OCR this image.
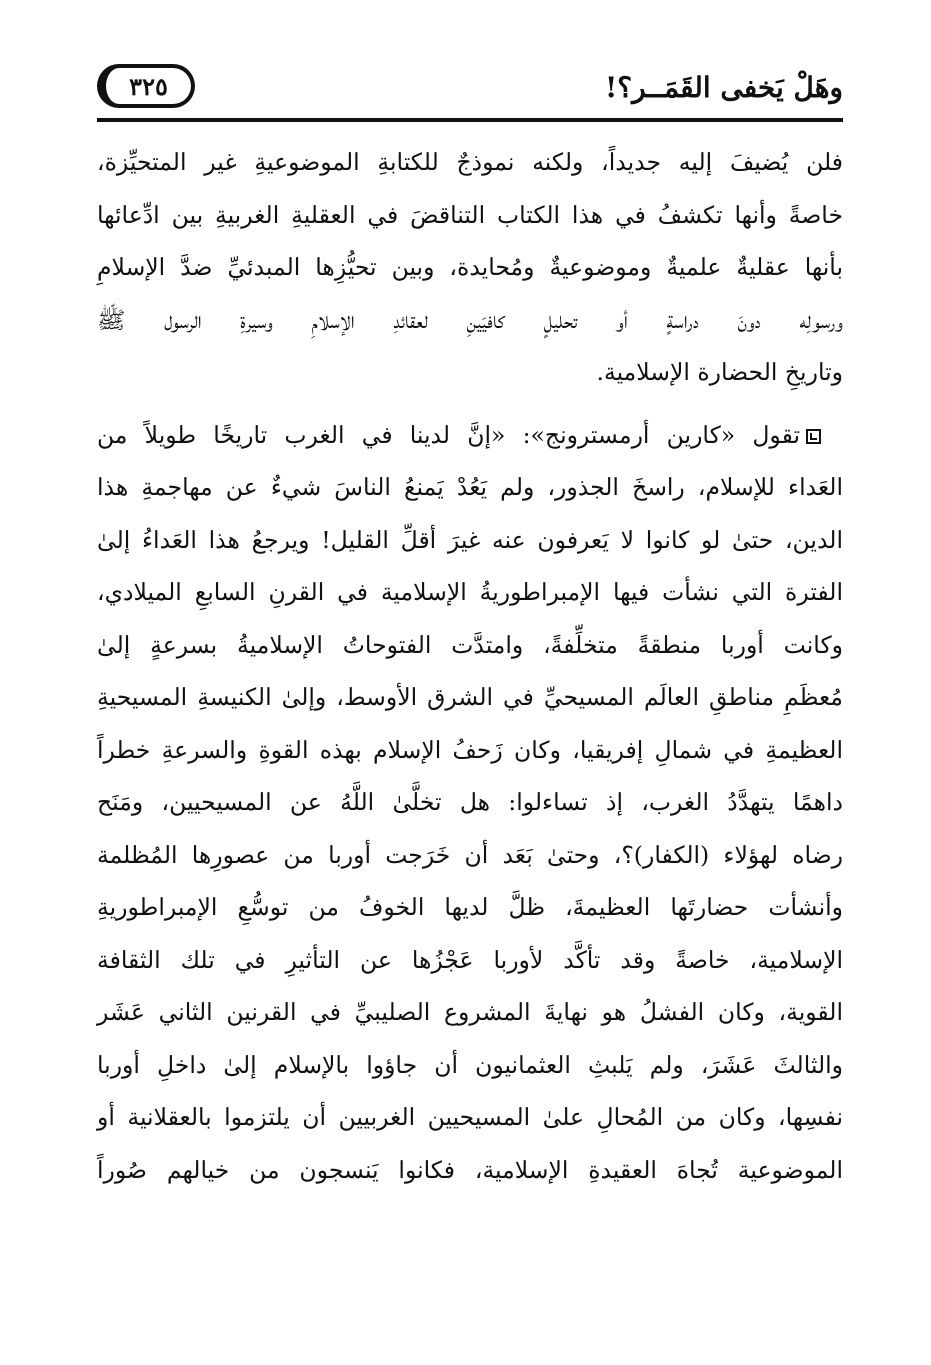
وهَلْ يَخفى القَمَــر؟!
٣٢٥
فلن يُضيفَ إليه جديداً، ولكنه نموذجٌ للكتابةِ الموضوعيةِ غير المتحيِّزة،
خاصةً وأنها تكشفُ في هذا الكتاب التناقضَ في العقليةِ الغربيةِ بين ادِّعائها
بأنها عقليةٌ علميةٌ وموضوعيةٌ ومُحايدة، وبين تحيُّزِها المبدئيِّ ضدَّ الإسلامِ
ورسولِه دونَ دراسةٍ أو تحليلٍ كافيَينِ لعقائدِ الإسلامِ وسيرةِ الرسول ﷺ
وتاريخِ الحضارة الإسلامية.
تقول «كارين أرمسترونج»: «إنَّ لدينا في الغرب تاريخًا طويلاً من
العَداء للإسلام، راسخَ الجذور، ولم يَعُدْ يَمنعُ الناسَ شيءٌ عن مهاجمةِ هذا
الدين، حتىٰ لو كانوا لا يَعرفون عنه غيرَ أقلِّ القليل! ويرجعُ هذا العَداءُ إلىٰ
الفترة التي نشأت فيها الإمبراطوريةُ الإسلامية في القرنِ السابعِ الميلادي،
وكانت أوربا منطقةً متخلِّفةً، وامتدَّت الفتوحاتُ الإسلاميةُ بسرعةٍ إلىٰ
مُعظَمِ مناطقِ العالَم المسيحيِّ في الشرق الأوسط، وإلىٰ الكنيسةِ المسيحيةِ
العظيمةِ في شمالِ إفريقيا، وكان زَحفُ الإسلام بهذه القوةِ والسرعةِ خطراً
داهمًا يتهدَّدُ الغرب، إذ تساءلوا: هل تخلَّىٰ اللَّهُ عن المسيحيين، ومَنَح
رضاه لهؤلاء (الكفار)؟، وحتىٰ بَعَد أن خَرَجت أوربا من عصورِها المُظلمة
وأنشأت حضارتَها العظيمةَ، ظلَّ لديها الخوفُ من توسُّعِ الإمبراطوريةِ
الإسلامية، خاصةً وقد تأكَّد لأوربا عَجْزُها عن التأثيرِ في تلك الثقافة
القوية، وكان الفشلُ هو نهايةَ المشروع الصليبيِّ في القرنين الثاني عَشَر
والثالثَ عَشَرَ، ولم يَلبثِ العثمانيون أن جاؤوا بالإسلام إلىٰ داخلِ أوربا
نفسِها، وكان من المُحالِ علىٰ المسيحيين الغربيين أن يلتزموا بالعقلانية أو
الموضوعية تُجاهَ العقيدةِ الإسلامية، فكانوا يَنسجون من خيالهم صُوراً
